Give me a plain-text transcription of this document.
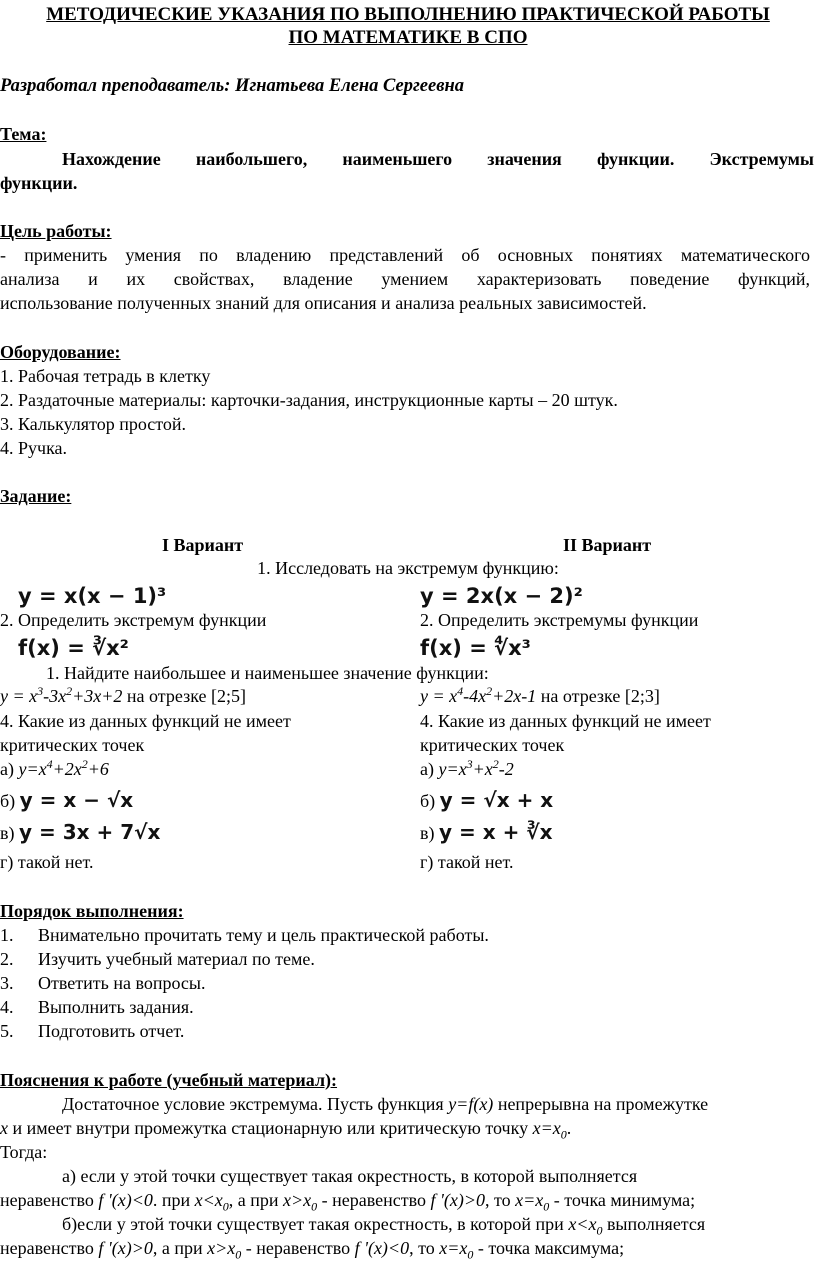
МЕТОДИЧЕСКИЕ УКАЗАНИЯ ПО ВЫПОЛНЕНИЮ ПРАКТИЧЕСКОЙ РАБОТЫ
ПО МАТЕМАТИКЕ В СПО
Разработал преподаватель: Игнатьева Елена Сергеевна
Тема:
Нахождение наибольшего, наименьшего значения функции. Экстремумы
функции.
Цель работы:
- применить умения по владению представлений об основных понятиях математического
анализа и их свойствах, владение умением характеризовать поведение функций,
использование полученных знаний для описания и анализа реальных зависимостей.
Оборудование:
1. Рабочая тетрадь в клетку
2. Раздаточные материалы: карточки-задания, инструкционные карты – 20 штук.
3. Калькулятор простой.
4. Ручка.
Задание:
I Вариант	II Вариант
1. Исследовать на экстремум функцию:
y = x(x − 1)³	y = 2x(x − 2)²
2. Определить экстремум функции	2. Определить экстремумы функции
f(x) = ∛x²	f(x) = ∜x³
1. Найдите наибольшее и наименьшее значение функции:
$y = x^3-3x^2+3x+2$ на отрезке [2;5]	$y = x^4-4x^2+2x-1$ на отрезке [2;3]
4. Какие из данных функций не имеет	4. Какие из данных функций не имеет
критических точек	критических точек
а) $y=x^4+2x^2+6$	а) $y=x^3+x^2-2$
б) y = x − √x	б) y = √x + x
в) y = 3x + 7√x	в) y = x + ∛x
г) такой нет.	г) такой нет.
Порядок выполнения:
1. Внимательно прочитать тему и цель практической работы.
2. Изучить учебный материал по теме.
3. Ответить на вопросы.
4. Выполнить задания.
5. Подготовить отчет.
Пояснения к работе (учебный материал):
Достаточное условие экстремума. Пусть функция y=f(x) непрерывна на промежутке
x и имеет внутри промежутка стационарную или критическую точку $x=x_0$.
Тогда:
а) если у этой точки существует такая окрестность, в которой выполняется
неравенство f '(x)<0. при $x<x_0$, а при $x>x_0$ - неравенство f '(x)>0, то $x=x_0$ - точка минимума;
б)если у этой точки существует такая окрестность, в которой при $x<x_0$ выполняется
неравенство f '(x)>0, а при $x>x_0$ - неравенство f '(x)<0, то $x=x_0$ - точка максимума;
